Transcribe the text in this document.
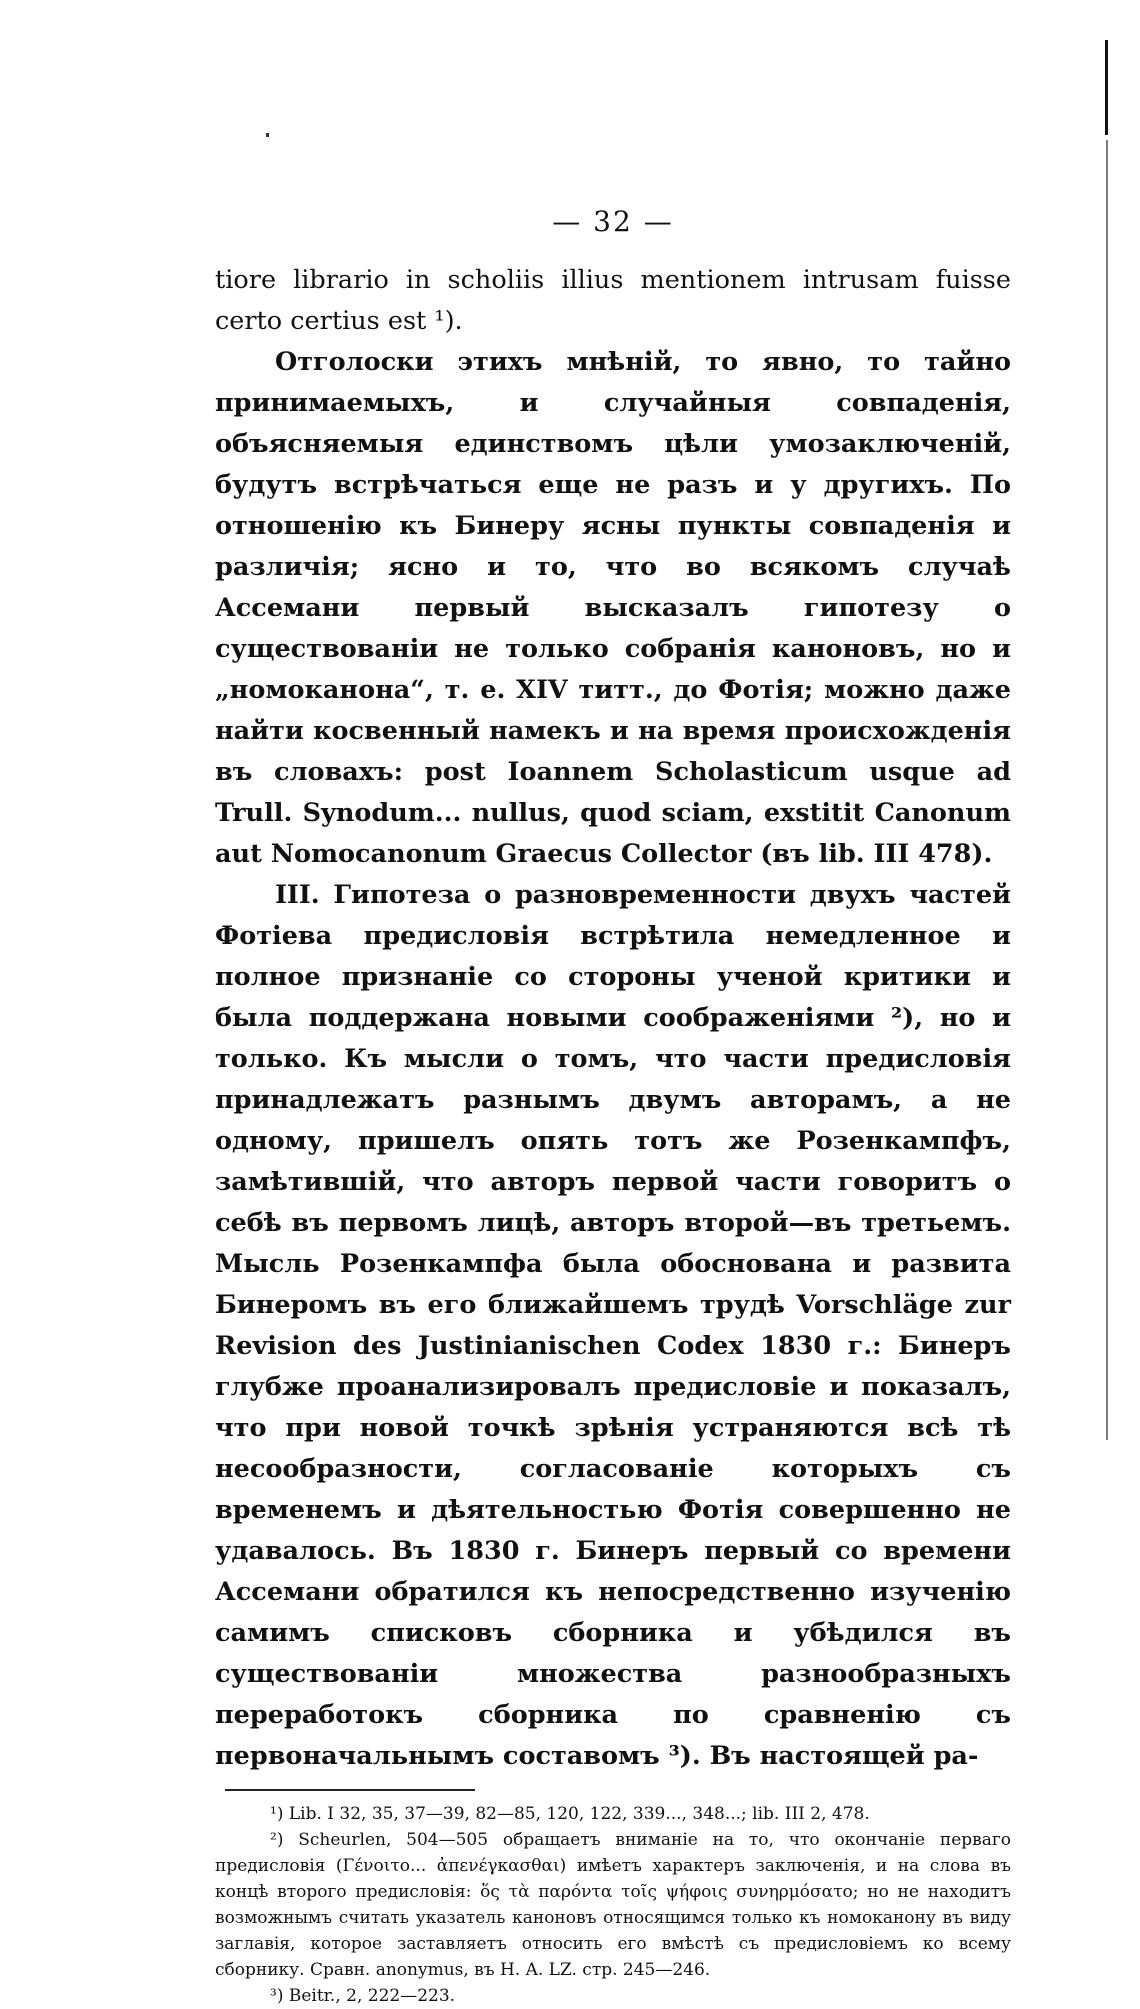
— 32 —

tiore librario in scholiis illius mentionem intrusam fuisse certo certius est ¹).

Отголоски этихъ мнѣній, то явно, то тайно принимаемыхъ, и случайныя совпаденія, объясняемыя единствомъ цѣли умозаключеній, будутъ встрѣчаться еще не разъ и у другихъ. По отношенію къ Бинеру ясны пункты совпаденія и различія; ясно и то, что во всякомъ случаѣ Ассемани первый высказалъ гипотезу о существованіи не только собранія каноновъ, но и „номоканона“, т. е. XIV титт., до Фотія; можно даже найти косвенный намекъ и на время происхожденія въ словахъ: post Ioannem Scholasticum usque ad Trull. Synodum... nullus, quod sciam, exstitit Canonum aut Nomocanonum Graecus Collector (въ lib. III 478).

III. Гипотеза о разновременности двухъ частей Фотіева предисловія встрѣтила немедленное и полное признаніе со стороны ученой критики и была поддержана новыми соображеніями ²), но и только. Къ мысли о томъ, что части предисловія принадлежатъ разнымъ двумъ авторамъ, а не одному, пришелъ опять тотъ же Розенкампфъ, замѣтившій, что авторъ первой части говоритъ о себѣ въ первомъ лицѣ, авторъ второй—въ третьемъ. Мысль Розенкампфа была обоснована и развита Бинеромъ въ его ближайшемъ трудѣ Vorschläge zur Revision des Justinianischen Codex 1830 г.: Бинеръ глубже проанализировалъ предисловіе и показалъ, что при новой точкѣ зрѣнія устраняются всѣ тѣ несообразности, согласованіе которыхъ съ временемъ и дѣятельностью Фотія совершенно не удавалось. Въ 1830 г. Бинеръ первый со времени Ассемани обратился къ непосредственно изученію самимъ списковъ сборника и убѣдился въ существованіи множества разнообразныхъ переработокъ сборника по сравненію съ первоначальнымъ составомъ ³). Въ настоящей ра-

¹) Lib. I 32, 35, 37—39, 82—85, 120, 122, 339..., 348...; lib. III 2, 478.

²) Scheurlen, 504—505 обращаетъ вниманіе на то, что окончаніе перваго предисловія (Γένοιτο... ἀπενέγκασθαι) имѣетъ характеръ заключенія, и на слова въ концѣ второго предисловія: ὅς τὰ παρόντα τοῖς ψήφοις συνηρμόσατο; но не находитъ возможнымъ считать указатель каноновъ относящимся только къ номоканону въ виду заглавія, которое заставляетъ относить его вмѣстѣ съ предисловіемъ ко всему сборнику. Сравн. anonymus, въ H. A. LZ. стр. 245—246.

³) Beitr., 2, 222—223.
